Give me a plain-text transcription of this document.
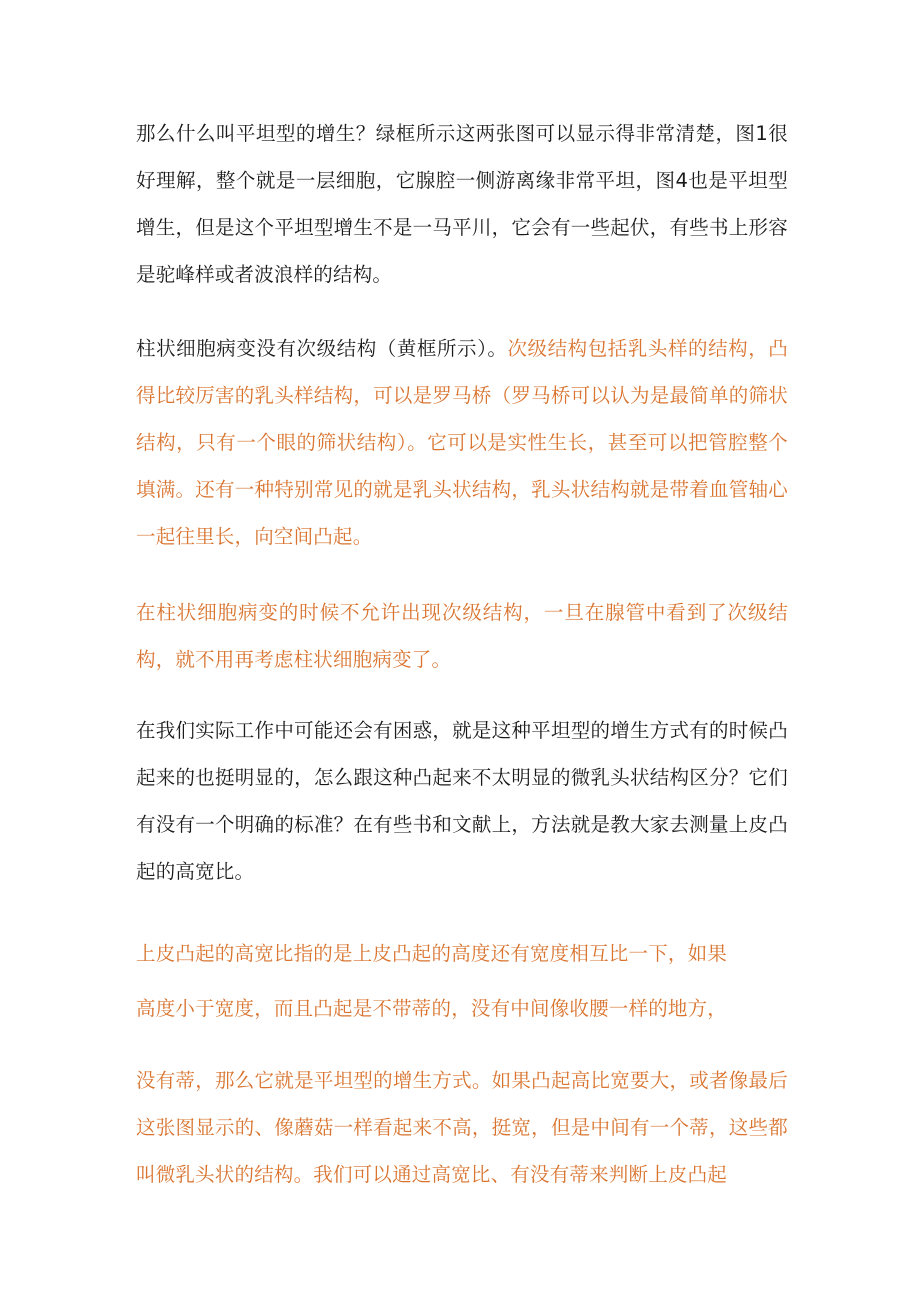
那么什么叫平坦型的增生？绿框所示这两张图可以显示得非常清楚，图1很好理解，整个就是一层细胞，它腺腔一侧游离缘非常平坦，图4也是平坦型增生，但是这个平坦型增生不是一马平川，它会有一些起伏，有些书上形容是驼峰样或者波浪样的结构。

柱状细胞病变没有次级结构（黄框所示）。次级结构包括乳头样的结构，凸得比较厉害的乳头样结构，可以是罗马桥（罗马桥可以认为是最简单的筛状结构，只有一个眼的筛状结构）。它可以是实性生长，甚至可以把管腔整个填满。还有一种特别常见的就是乳头状结构，乳头状结构就是带着血管轴心一起往里长，向空间凸起。

在柱状细胞病变的时候不允许出现次级结构，一旦在腺管中看到了次级结构，就不用再考虑柱状细胞病变了。

在我们实际工作中可能还会有困惑，就是这种平坦型的增生方式有的时候凸起来的也挺明显的，怎么跟这种凸起来不太明显的微乳头状结构区分？它们有没有一个明确的标准？在有些书和文献上，方法就是教大家去测量上皮凸起的高宽比。

上皮凸起的高宽比指的是上皮凸起的高度还有宽度相互比一下，如果

高度小于宽度，而且凸起是不带蒂的，没有中间像收腰一样的地方，

没有蒂，那么它就是平坦型的增生方式。如果凸起高比宽要大，或者像最后这张图显示的、像蘑菇一样看起来不高，挺宽，但是中间有一个蒂，这些都叫微乳头状的结构。我们可以通过高宽比、有没有蒂来判断上皮凸起
